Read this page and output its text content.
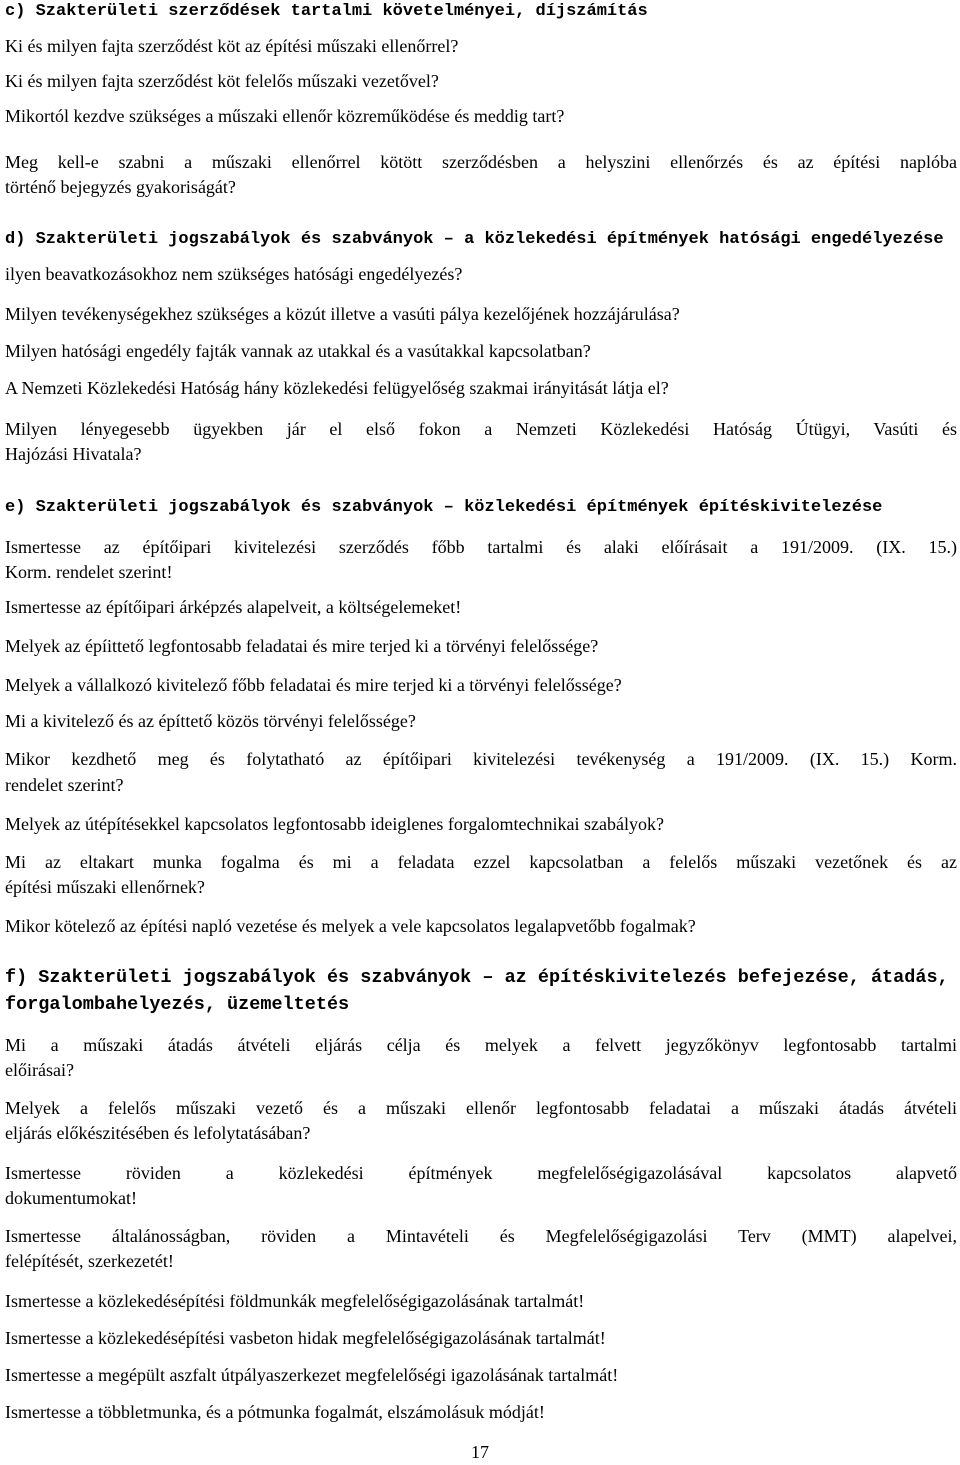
c) Szakterületi szerződések tartalmi követelményei, díjszámítás
Ki és milyen fajta szerződést köt az építési műszaki ellenőrrel?
Ki és milyen fajta szerződést köt felelős műszaki vezetővel?
Mikortól kezdve szükséges a műszaki ellenőr közreműködése és meddig tart?
Meg kell-e szabni a műszaki ellenőrrel kötött szerződésben a helyszini ellenőrzés és az építési naplóba
történő bejegyzés gyakoriságát?
d) Szakterületi jogszabályok és szabványok – a közlekedési építmények hatósági engedélyezése
ilyen beavatkozásokhoz nem szükséges hatósági engedélyezés?
Milyen tevékenységekhez szükséges a közút illetve a vasúti pálya kezelőjének hozzájárulása?
Milyen hatósági engedély fajták vannak az utakkal és a vasútakkal kapcsolatban?
A Nemzeti Közlekedési Hatóság hány közlekedési felügyelőség szakmai irányitását látja el?
Milyen lényegesebb ügyekben jár el első fokon a Nemzeti Közlekedési Hatóság Útügyi, Vasúti és
Hajózási Hivatala?
e) Szakterületi jogszabályok és szabványok – közlekedési építmények építéskivitelezése
Ismertesse az építőipari kivitelezési szerződés főbb tartalmi és alaki előírásait a 191/2009. (IX. 15.)
Korm. rendelet szerint!
Ismertesse az építőipari árképzés alapelveit, a költségelemeket!
Melyek az épíittető legfontosabb feladatai és mire terjed ki a törvényi felelőssége?
Melyek a vállalkozó kivitelező főbb feladatai és mire terjed ki a törvényi felelőssége?
Mi a kivitelező és az építtető közös törvényi felelőssége?
Mikor kezdhető meg és folytatható az építőipari kivitelezési tevékenység a 191/2009. (IX. 15.) Korm.
rendelet szerint?
Melyek az útépítésekkel kapcsolatos legfontosabb ideiglenes forgalomtechnikai szabályok?
Mi az eltakart munka fogalma és mi a feladata ezzel kapcsolatban a felelős műszaki vezetőnek és az
építési műszaki ellenőrnek?
Mikor kötelező az építési napló vezetése és melyek a vele kapcsolatos legalapvetőbb fogalmak?
f) Szakterületi jogszabályok és szabványok – az építéskivitelezés befejezése, átadás,
forgalombahelyezés, üzemeltetés
Mi a műszaki átadás átvételi eljárás célja és melyek a felvett jegyzőkönyv legfontosabb tartalmi
előirásai?
Melyek a felelős műszaki vezető és a műszaki ellenőr legfontosabb feladatai a műszaki átadás átvételi
eljárás előkészitésében és lefolytatásában?
Ismertesse röviden a közlekedési építmények megfelelőségigazolásával kapcsolatos alapvető
dokumentumokat!
Ismertesse általánosságban, röviden a Mintavételi és Megfelelőségigazolási Terv (MMT) alapelvei,
felépítését, szerkezetét!
Ismertesse a közlekedésépítési földmunkák megfelelőségigazolásának tartalmát!
Ismertesse a közlekedésépítési vasbeton hidak megfelelőségigazolásának tartalmát!
Ismertesse a megépült aszfalt útpályaszerkezet megfelelőségi igazolásának tartalmát!
Ismertesse a többletmunka, és a pótmunka fogalmát, elszámolásuk módját!
17
